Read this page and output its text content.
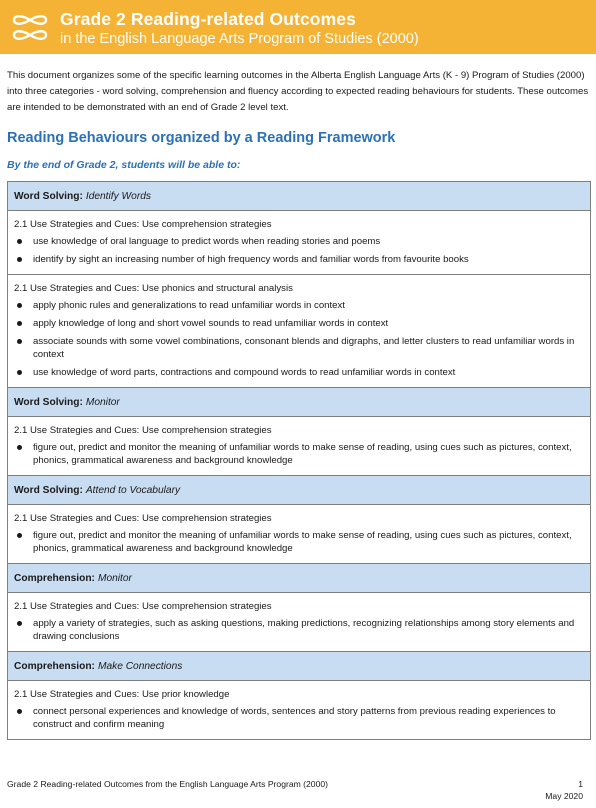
Grade 2 Reading-related Outcomes
in the English Language Arts Program of Studies (2000)

This document organizes some of the specific learning outcomes in the Alberta English Language Arts (K - 9) Program of Studies (2000) into three categories - word solving, comprehension and fluency according to expected reading behaviours for students. These outcomes are intended to be demonstrated with an end of Grade 2 level text.

Reading Behaviours organized by a Reading Framework
By the end of Grade 2, students will be able to:
Word Solving: Identify Words
2.1 Use Strategies and Cues: Use comprehension strategies
use knowledge of oral language to predict words when reading stories and poems
identify by sight an increasing number of high frequency words and familiar words from favourite books
2.1 Use Strategies and Cues: Use phonics and structural analysis
apply phonic rules and generalizations to read unfamiliar words in context
apply knowledge of long and short vowel sounds to read unfamiliar words in context
associate sounds with some vowel combinations, consonant blends and digraphs, and letter clusters to read unfamiliar words in context
use knowledge of word parts, contractions and compound words to read unfamiliar words in context
Word Solving: Monitor
2.1 Use Strategies and Cues: Use comprehension strategies
figure out, predict and monitor the meaning of unfamiliar words to make sense of reading, using cues such as pictures, context, phonics, grammatical awareness and background knowledge
Word Solving: Attend to Vocabulary
2.1 Use Strategies and Cues: Use comprehension strategies
figure out, predict and monitor the meaning of unfamiliar words to make sense of reading, using cues such as pictures, context, phonics, grammatical awareness and background knowledge
Comprehension: Monitor
2.1 Use Strategies and Cues: Use comprehension strategies
apply a variety of strategies, such as asking questions, making predictions, recognizing relationships among story elements and drawing conclusions
Comprehension: Make Connections
2.1 Use Strategies and Cues: Use prior knowledge
connect personal experiences and knowledge of words, sentences and story patterns from previous reading experiences to construct and confirm meaning
Grade 2 Reading-related Outcomes from the English Language Arts Program (2000)	1
May 2020
